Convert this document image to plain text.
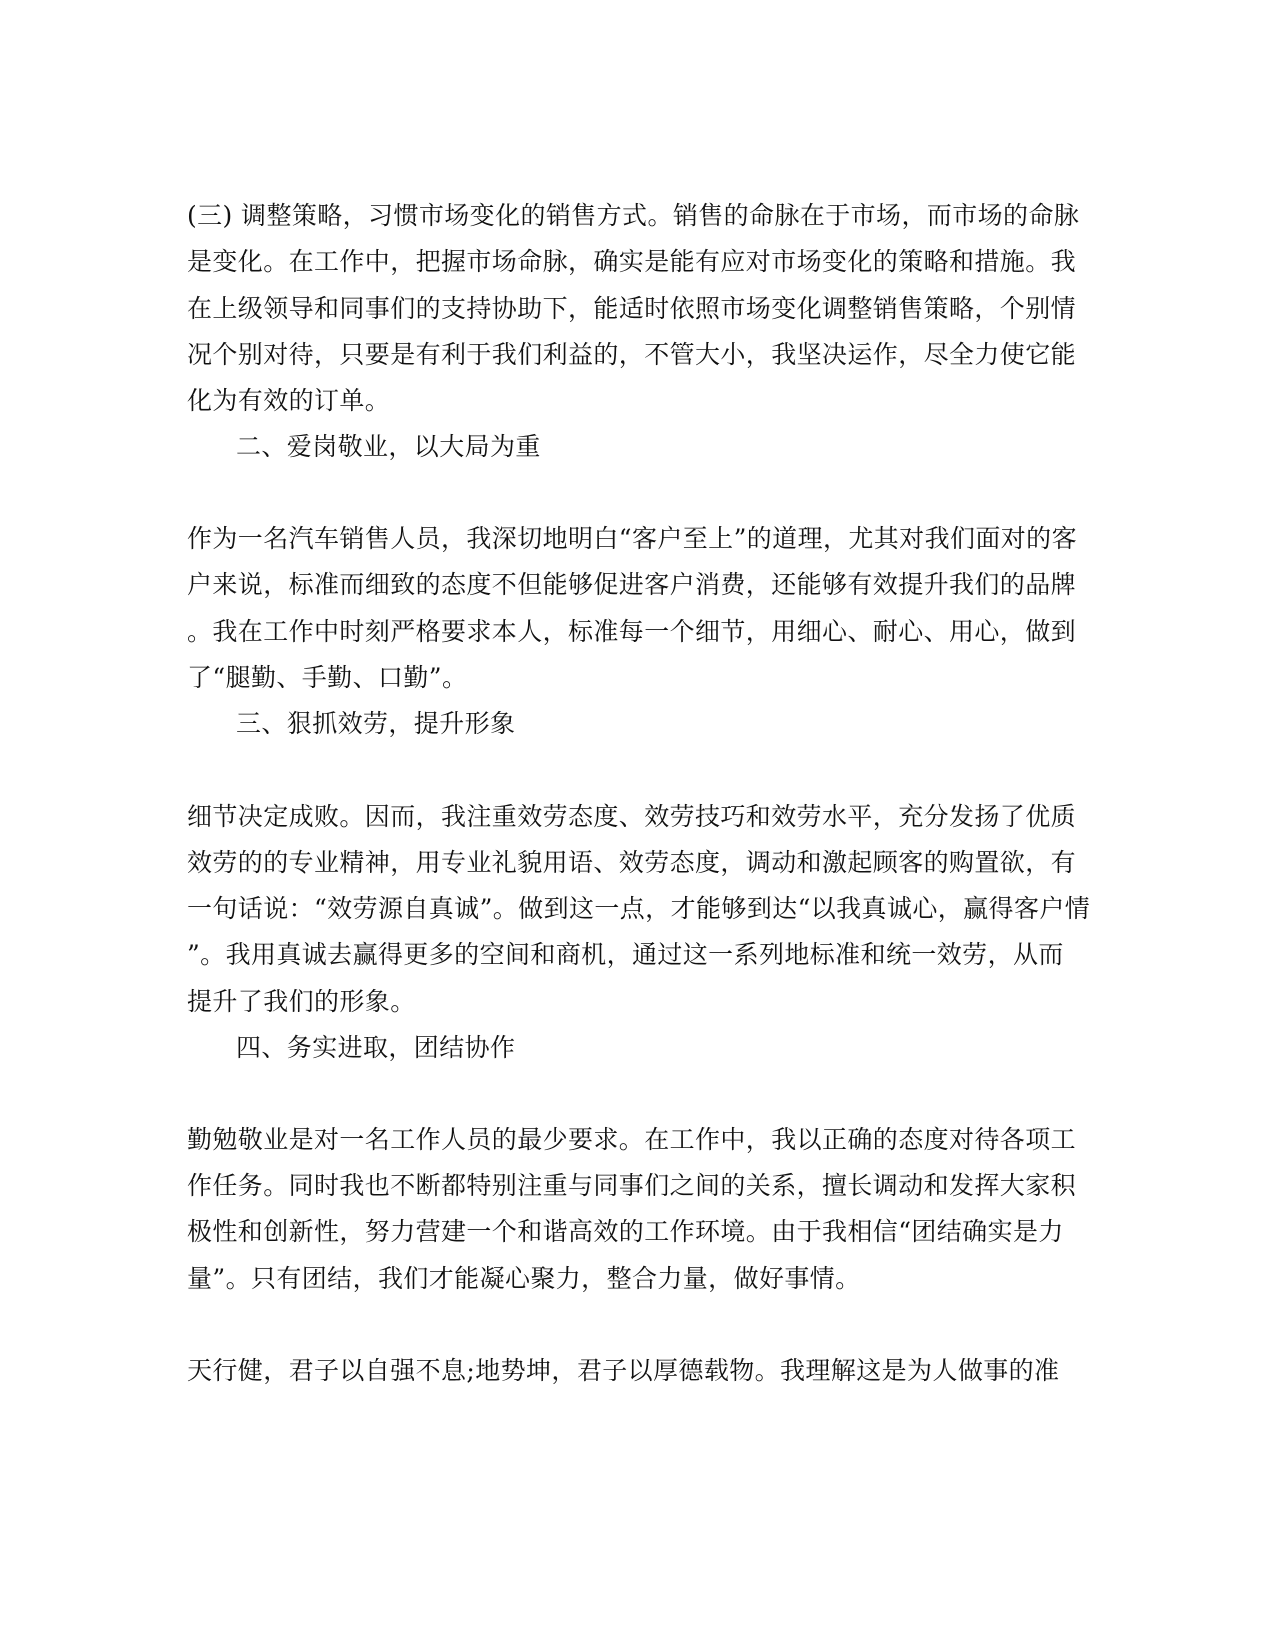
(三) 调整策略，习惯市场变化的销售方式。销售的命脉在于市场，而市场的命脉

是变化。在工作中，把握市场命脉，确实是能有应对市场变化的策略和措施。我

在上级领导和同事们的支持协助下，能适时依照市场变化调整销售策略，个别情

况个别对待，只要是有利于我们利益的，不管大小，我坚决运作，尽全力使它能

化为有效的订单。

二、爱岗敬业，以大局为重

作为一名汽车销售人员，我深切地明白“客户至上”的道理，尤其对我们面对的客

户来说，标准而细致的态度不但能够促进客户消费，还能够有效提升我们的品牌

。我在工作中时刻严格要求本人，标准每一个细节，用细心、耐心、用心，做到

了“腿勤、手勤、口勤”。

三、狠抓效劳，提升形象

细节决定成败。因而，我注重效劳态度、效劳技巧和效劳水平，充分发扬了优质

效劳的的专业精神，用专业礼貌用语、效劳态度，调动和激起顾客的购置欲，有

一句话说：“效劳源自真诚”。做到这一点，才能够到达“以我真诚心，赢得客户情

”。我用真诚去赢得更多的空间和商机，通过这一系列地标准和统一效劳，从而

提升了我们的形象。

四、务实进取，团结协作

勤勉敬业是对一名工作人员的最少要求。在工作中，我以正确的态度对待各项工

作任务。同时我也不断都特别注重与同事们之间的关系，擅长调动和发挥大家积

极性和创新性，努力营建一个和谐高效的工作环境。由于我相信“团结确实是力

量”。只有团结，我们才能凝心聚力，整合力量，做好事情。

天行健，君子以自强不息;地势坤，君子以厚德载物。我理解这是为人做事的准
